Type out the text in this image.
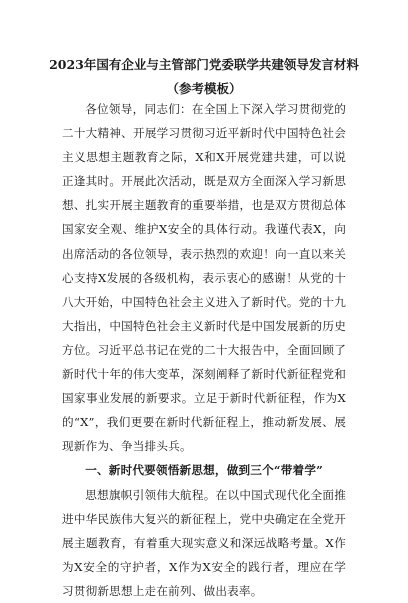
2023年国有企业与主管部门党委联学共建领导发言材料
（参考模板）

各位领导，同志们：在全国上下深入学习贯彻党的二十大精神、开展学习贯彻习近平新时代中国特色社会主义思想主题教育之际，X和X开展党建共建，可以说正逢其时。开展此次活动，既是双方全面深入学习新思想、扎实开展主题教育的重要举措，也是双方贯彻总体国家安全观、维护X安全的具体行动。我谨代表X，向出席活动的各位领导，表示热烈的欢迎！向一直以来关心支持X发展的各级机构，表示衷心的感谢！从党的十八大开始，中国特色社会主义进入了新时代。党的十九大指出，中国特色社会主义新时代是中国发展新的历史方位。习近平总书记在党的二十大报告中，全面回顾了新时代十年的伟大变革，深刻阐释了新时代新征程党和国家事业发展的新要求。立足于新时代新征程，作为X的“X”，我们更要在新时代新征程上，推动新发展、展现新作为、争当排头兵。

一、新时代要领悟新思想，做到三个“带着学”

思想旗帜引领伟大航程。在以中国式现代化全面推进中华民族伟大复兴的新征程上，党中央确定在全党开展主题教育，有着重大现实意义和深远战略考量。X作为X安全的守护者，X作为X安全的践行者，理应在学习贯彻新思想上走在前列、做出表率。
